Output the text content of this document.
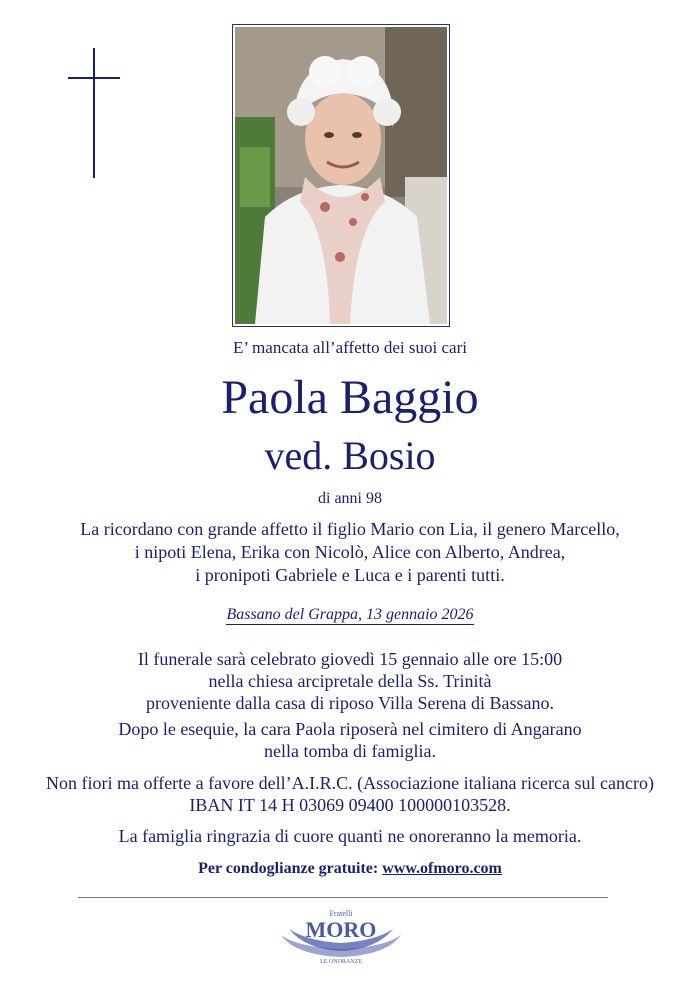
E’ mancata all’affetto dei suoi cari
Paola Baggio
ved. Bosio
di anni 98
La ricordano con grande affetto il figlio Mario con Lia, il genero Marcello,
i nipoti Elena, Erika con Nicolò, Alice con Alberto, Andrea,
i pronipoti Gabriele e Luca e i parenti tutti.
Bassano del Grappa, 13 gennaio 2026
Il funerale sarà celebrato giovedì 15 gennaio alle ore 15:00
nella chiesa arcipretale della Ss. Trinità
proveniente dalla casa di riposo Villa Serena di Bassano.
Dopo le esequie, la cara Paola riposerà nel cimitero di Angarano
nella tomba di famiglia.
Non fiori ma offerte a favore dell’A.I.R.C. (Associazione italiana ricerca sul cancro)
IBAN IT 14 H 03069 09400 100000103528.
La famiglia ringrazia di cuore quanti ne onoreranno la memoria.
Per condoglianze gratuite: www.ofmoro.com
Fratelli
MORO
LE ONORANZE
